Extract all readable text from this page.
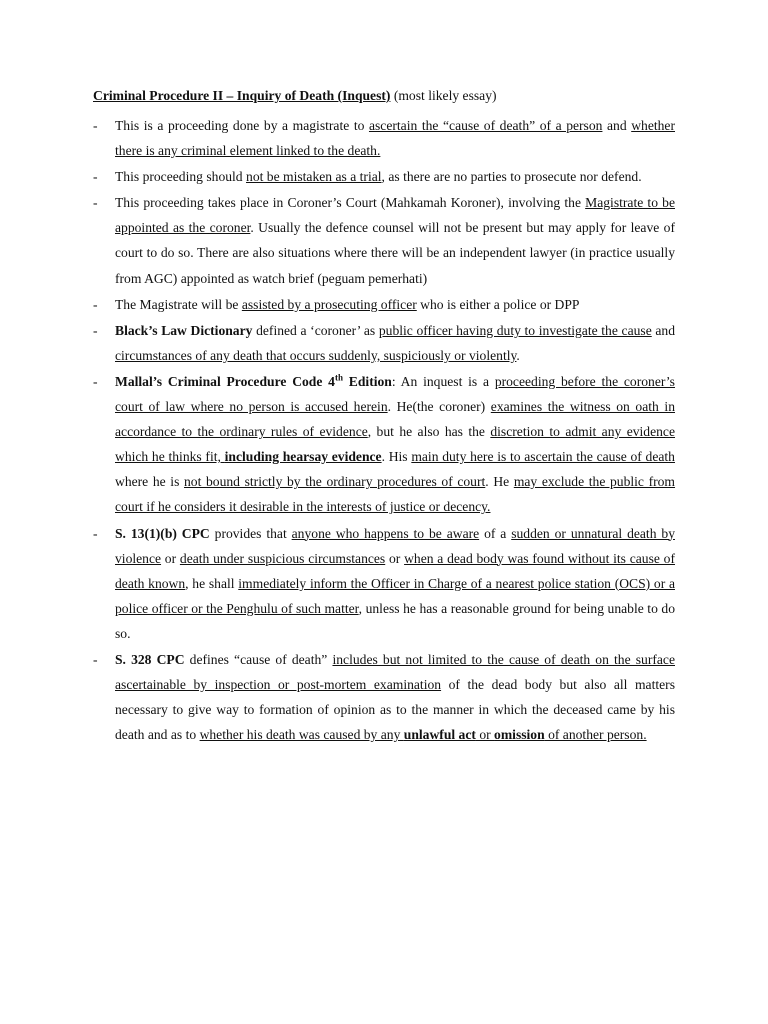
Criminal Procedure II – Inquiry of Death (Inquest) (most likely essay)
- This is a proceeding done by a magistrate to ascertain the “cause of death” of a person and whether there is any criminal element linked to the death.
- This proceeding should not be mistaken as a trial, as there are no parties to prosecute nor defend.
- This proceeding takes place in Coroner’s Court (Mahkamah Koroner), involving the Magistrate to be appointed as the coroner. Usually the defence counsel will not be present but may apply for leave of court to do so. There are also situations where there will be an independent lawyer (in practice usually from AGC) appointed as watch brief (peguam pemerhati)
- The Magistrate will be assisted by a prosecuting officer who is either a police or DPP
- Black’s Law Dictionary defined a ‘coroner’ as public officer having duty to investigate the cause and circumstances of any death that occurs suddenly, suspiciously or violently.
- Mallal’s Criminal Procedure Code 4th Edition: An inquest is a proceeding before the coroner’s court of law where no person is accused herein. He(the coroner) examines the witness on oath in accordance to the ordinary rules of evidence, but he also has the discretion to admit any evidence which he thinks fit, including hearsay evidence. His main duty here is to ascertain the cause of death where he is not bound strictly by the ordinary procedures of court. He may exclude the public from court if he considers it desirable in the interests of justice or decency.
- S. 13(1)(b) CPC provides that anyone who happens to be aware of a sudden or unnatural death by violence or death under suspicious circumstances or when a dead body was found without its cause of death known, he shall immediately inform the Officer in Charge of a nearest police station (OCS) or a police officer or the Penghulu of such matter, unless he has a reasonable ground for being unable to do so.
- S. 328 CPC defines “cause of death” includes but not limited to the cause of death on the surface ascertainable by inspection or post-mortem examination of the dead body but also all matters necessary to give way to formation of opinion as to the manner in which the deceased came by his death and as to whether his death was caused by any unlawful act or omission of another person.
